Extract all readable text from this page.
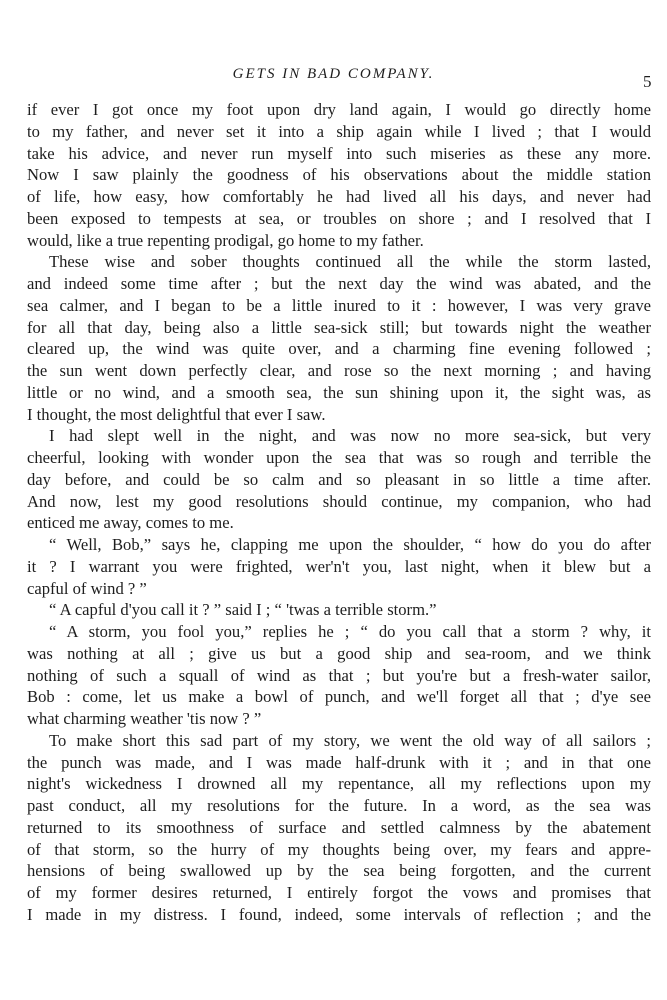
GETS IN BAD COMPANY.	5
if ever I got once my foot upon dry land again, I would go directly home
to my father, and never set it into a ship again while I lived ; that I would
take his advice, and never run myself into such miseries as these any more.
Now I saw plainly the goodness of his observations about the middle station
of life, how easy, how comfortably he had lived all his days, and never had
been exposed to tempests at sea, or troubles on shore ; and I resolved that I
would, like a true repenting prodigal, go home to my father.
These wise and sober thoughts continued all the while the storm lasted,
and indeed some time after ; but the next day the wind was abated, and the
sea calmer, and I began to be a little inured to it : however, I was very grave
for all that day, being also a little sea-sick still; but towards night the weather
cleared up, the wind was quite over, and a charming fine evening followed ;
the sun went down perfectly clear, and rose so the next morning ; and having
little or no wind, and a smooth sea, the sun shining upon it, the sight was, as
I thought, the most delightful that ever I saw.
I had slept well in the night, and was now no more sea-sick, but very
cheerful, looking with wonder upon the sea that was so rough and terrible the
day before, and could be so calm and so pleasant in so little a time after.
And now, lest my good resolutions should continue, my companion, who had
enticed me away, comes to me.
“ Well, Bob,” says he, clapping me upon the shoulder, “ how do you do after
it ? I warrant you were frighted, wer'n't you, last night, when it blew but a
capful of wind ? ”
“ A capful d'you call it ? ” said I ; “ 'twas a terrible storm.”
“ A storm, you fool you,” replies he ; “ do you call that a storm ? why, it
was nothing at all ; give us but a good ship and sea-room, and we think
nothing of such a squall of wind as that ; but you're but a fresh-water sailor,
Bob : come, let us make a bowl of punch, and we'll forget all that ; d'ye see
what charming weather 'tis now ? ”
To make short this sad part of my story, we went the old way of all sailors ;
the punch was made, and I was made half-drunk with it ; and in that one
night's wickedness I drowned all my repentance, all my reflections upon my
past conduct, all my resolutions for the future. In a word, as the sea was
returned to its smoothness of surface and settled calmness by the abatement
of that storm, so the hurry of my thoughts being over, my fears and appre-
hensions of being swallowed up by the sea being forgotten, and the current
of my former desires returned, I entirely forgot the vows and promises that
I made in my distress. I found, indeed, some intervals of reflection ; and the
